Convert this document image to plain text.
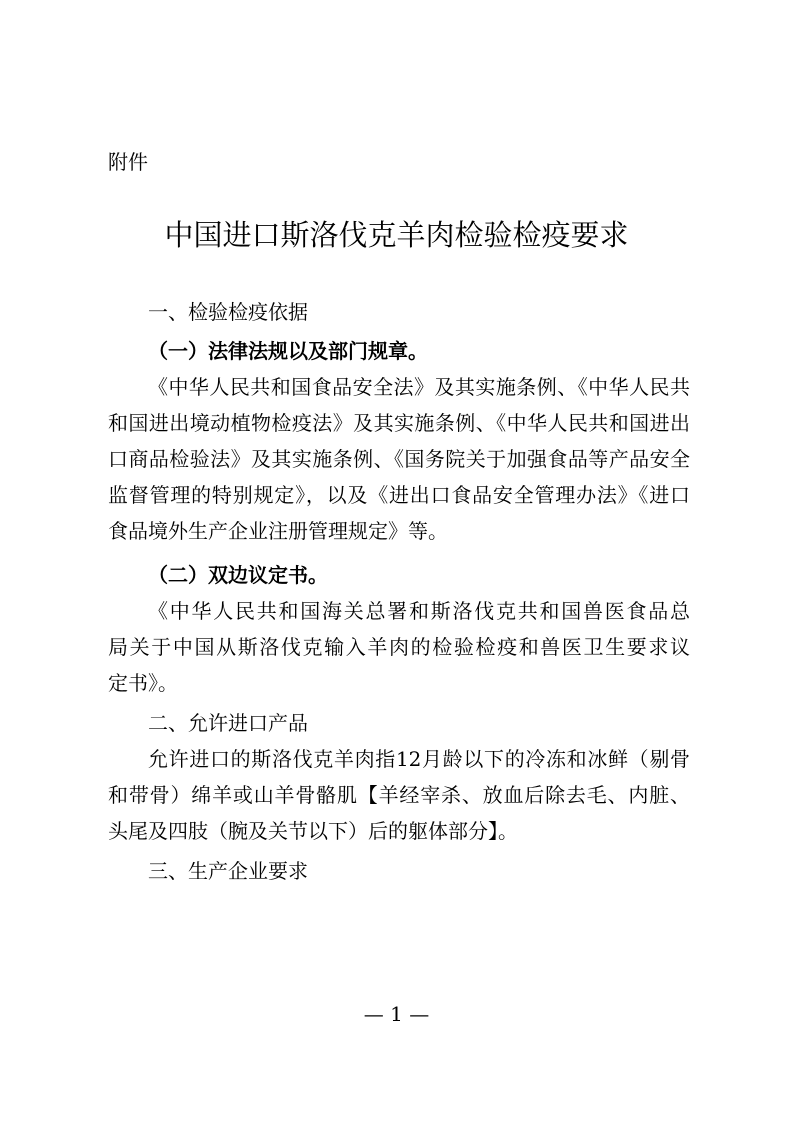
附件
中国进口斯洛伐克羊肉检验检疫要求
一、检验检疫依据
（一）法律法规以及部门规章。
《中华人民共和国食品安全法》及其实施条例、《中华人民共
和国进出境动植物检疫法》及其实施条例、《中华人民共和国进出
口商品检验法》及其实施条例、《国务院关于加强食品等产品安全
监督管理的特别规定》，以及《进出口食品安全管理办法》《进口
食品境外生产企业注册管理规定》等。
（二）双边议定书。
《中华人民共和国海关总署和斯洛伐克共和国兽医食品总
局关于中国从斯洛伐克输入羊肉的检验检疫和兽医卫生要求议
定书》。
二、允许进口产品
允许进口的斯洛伐克羊肉指12月龄以下的冷冻和冰鲜（剔骨
和带骨）绵羊或山羊骨骼肌【羊经宰杀、放血后除去毛、内脏、
头尾及四肢（腕及关节以下）后的躯体部分】。
三、生产企业要求
— 1 —
